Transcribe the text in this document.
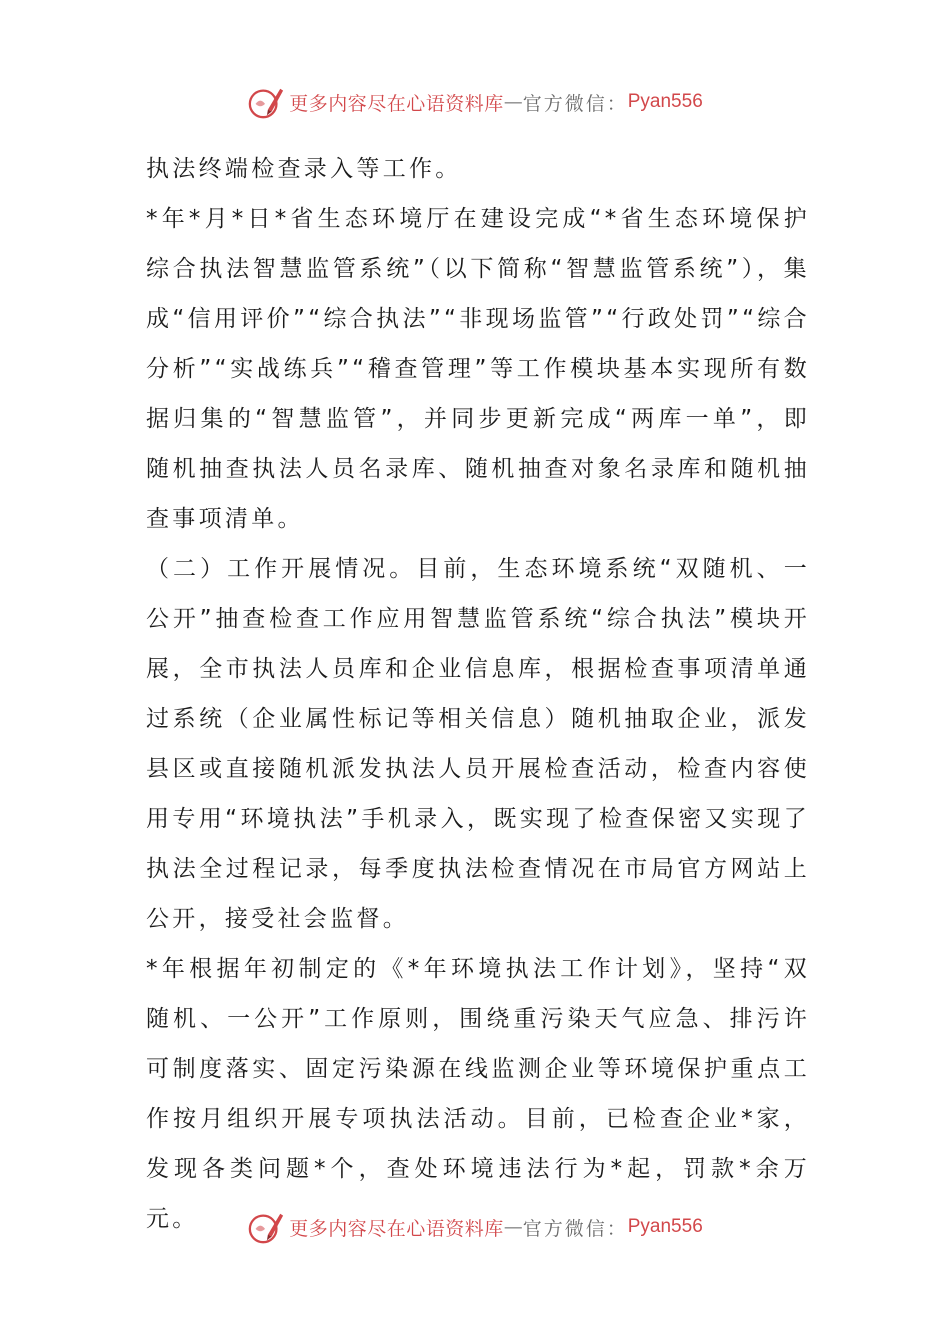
更多内容尽在心语资料库 — 官方微信： Pyan556

执法终端检查录入等工作。

*年*月*日*省生态环境厅在建设完成“*省生态环境保护综合执法智慧监管系统”（以下简称“智慧监管系统”），集成“信用评价”“综合执法”“非现场监管”“行政处罚”“综合分析”“实战练兵”“稽查管理”等工作模块基本实现所有数据归集的“智慧监管”，并同步更新完成“两库一单”，即随机抽查执法人员名录库、随机抽查对象名录库和随机抽查事项清单。

（二）工作开展情况。目前，生态环境系统“双随机、一公开”抽查检查工作应用智慧监管系统“综合执法”模块开展，全市执法人员库和企业信息库，根据检查事项清单通过系统（企业属性标记等相关信息）随机抽取企业，派发县区或直接随机派发执法人员开展检查活动，检查内容使用专用“环境执法”手机录入，既实现了检查保密又实现了执法全过程记录，每季度执法检查情况在市局官方网站上公开，接受社会监督。

*年根据年初制定的《*年环境执法工作计划》，坚持“双随机、一公开”工作原则，围绕重污染天气应急、排污许可制度落实、固定污染源在线监测企业等环境保护重点工作按月组织开展专项执法活动。目前，已检查企业*家，发现各类问题*个，查处环境违法行为*起，罚款*余万元。	更多内容尽在心语资料库 — 官方微信： Pyan556
